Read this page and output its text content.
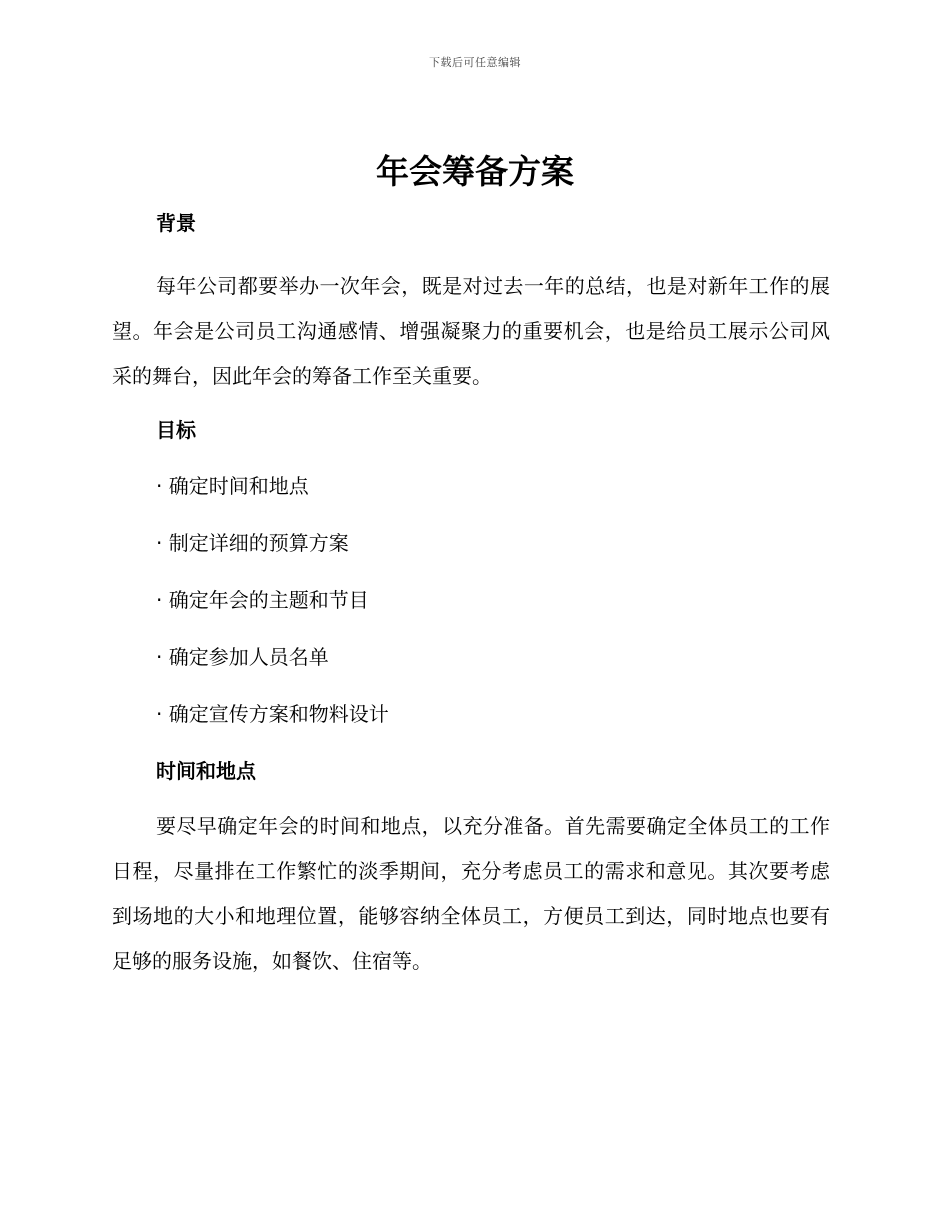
下载后可任意编辑
年会筹备方案
背景

每年公司都要举办一次年会，既是对过去一年的总结，也是对新年工作的展望。年会是公司员工沟通感情、增强凝聚力的重要机会，也是给员工展示公司风采的舞台，因此年会的筹备工作至关重要。

目标
· 确定时间和地点
· 制定详细的预算方案
· 确定年会的主题和节目
· 确定参加人员名单
· 确定宣传方案和物料设计
时间和地点

要尽早确定年会的时间和地点，以充分准备。首先需要确定全体员工的工作日程，尽量排在工作繁忙的淡季期间，充分考虑员工的需求和意见。其次要考虑到场地的大小和地理位置，能够容纳全体员工，方便员工到达，同时地点也要有足够的服务设施，如餐饮、住宿等。
